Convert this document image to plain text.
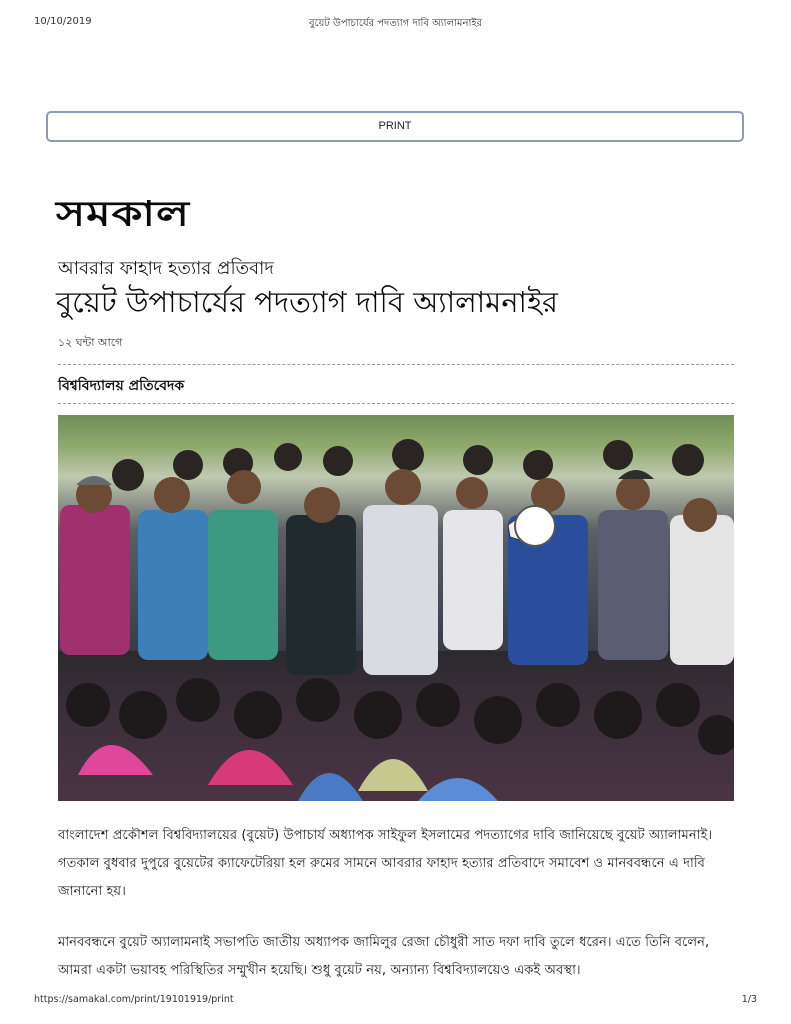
10/10/2019	বুয়েট উপাচার্যের পদত্যাগ দাবি অ্যালামনাইর
PRINT
সমকাল
আবরার ফাহাদ হত্যার প্রতিবাদ
বুয়েট উপাচার্যের পদত্যাগ দাবি অ্যালামনাইর
১২ ঘন্টা আগে
বিশ্ববিদ্যালয় প্রতিবেদক
বাংলাদেশ প্রকৌশল বিশ্ববিদ্যালয়ের (বুয়েট) উপাচার্য অধ্যাপক সাইফুল ইসলামের পদত্যাগের দাবি জানিয়েছে বুয়েট অ্যালামনাই। গতকাল বুধবার দুপুরে বুয়েটের ক্যাফেটেরিয়া হল রুমের সামনে আবরার ফাহাদ হত্যার প্রতিবাদে সমাবেশ ও মানববন্ধনে এ দাবি জানানো হয়।
মানববন্ধনে বুয়েট অ্যালামনাই সভাপতি জাতীয় অধ্যাপক জামিলুর রেজা চৌধুরী সাত দফা দাবি তুলে ধরেন। এতে তিনি বলেন, আমরা একটা ভয়াবহ পরিস্থিতির সম্মুখীন হয়েছি। শুধু বুয়েট নয়, অন্যান্য বিশ্ববিদ্যালয়েও একই অবস্থা।
https://samakal.com/print/19101919/print	1/3
